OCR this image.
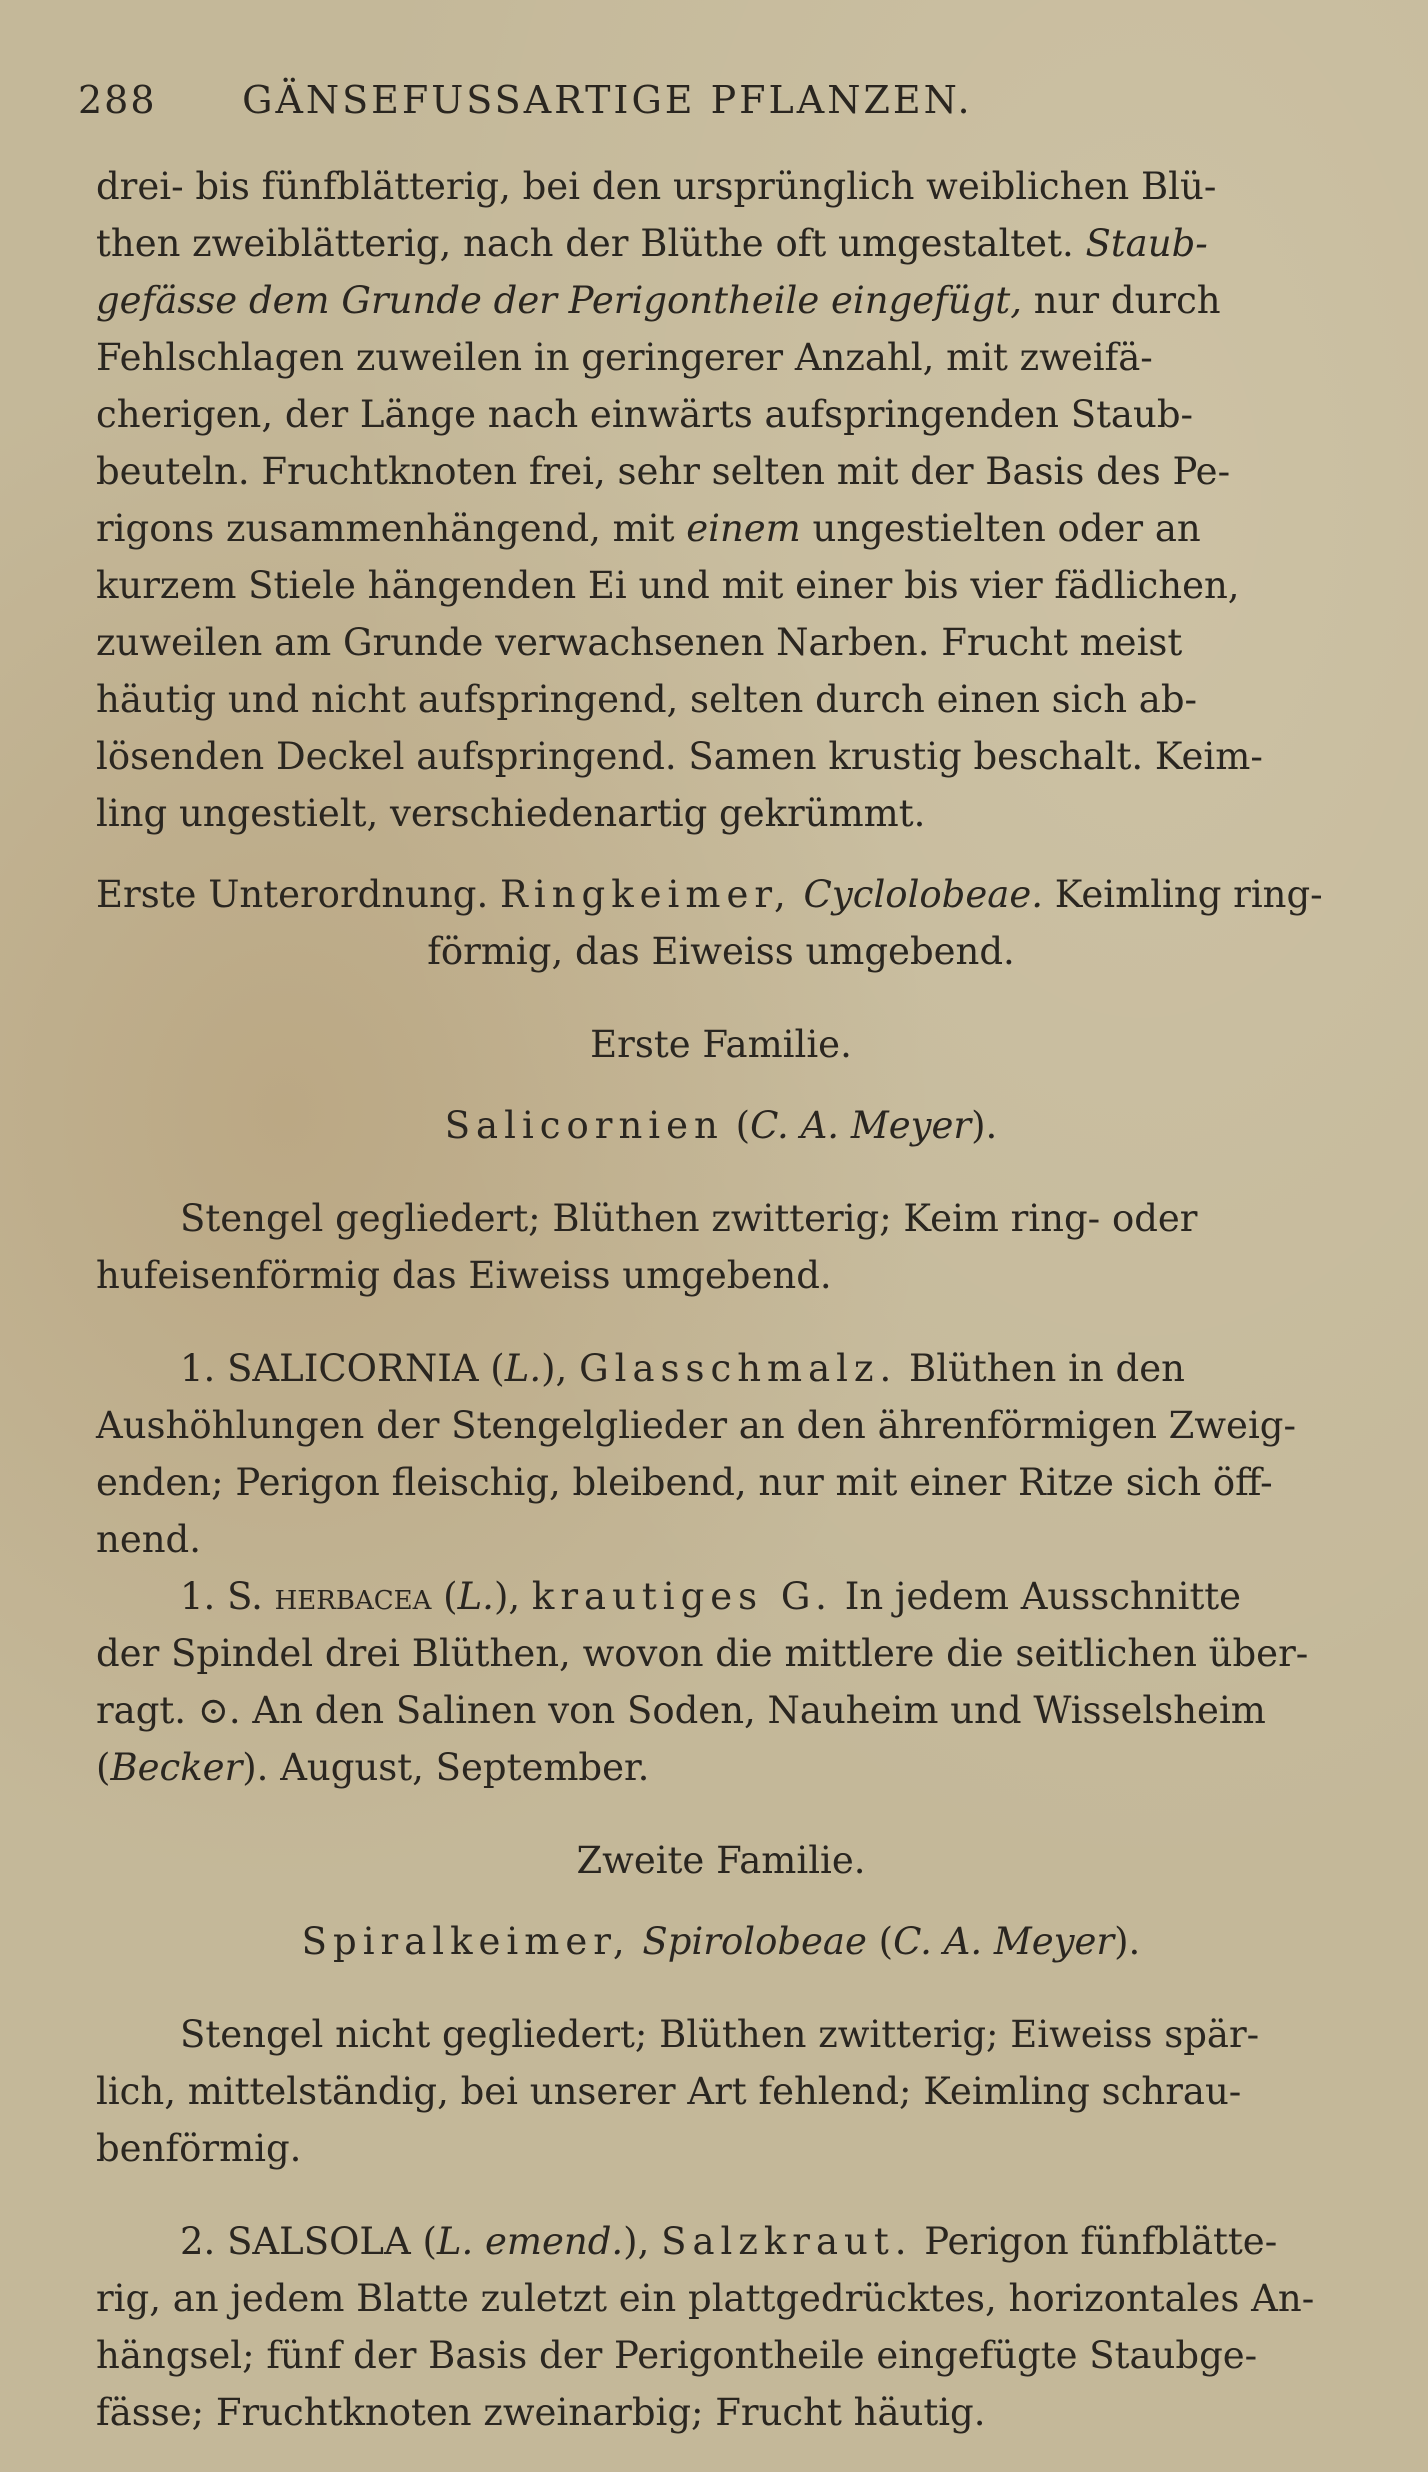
288 GÄNSEFUSSARTIGE PFLANZEN.

drei- bis fünfblätterig, bei den ursprünglich weiblichen Blü-
then zweiblätterig, nach der Blüthe oft umgestaltet. Staub-
gefässe dem Grunde der Perigontheile eingefügt, nur durch
Fehlschlagen zuweilen in geringerer Anzahl, mit zweifä-
cherigen, der Länge nach einwärts aufspringenden Staub-
beuteln. Fruchtknoten frei, sehr selten mit der Basis des Pe-
rigons zusammenhängend, mit einem ungestielten oder an
kurzem Stiele hängenden Ei und mit einer bis vier fädlichen,
zuweilen am Grunde verwachsenen Narben. Frucht meist
häutig und nicht aufspringend, selten durch einen sich ab-
lösenden Deckel aufspringend. Samen krustig beschalt. Keim-
ling ungestielt, verschiedenartig gekrümmt.

Erste Unterordnung. Ringkeimer, Cyclolobeae. Keimling ring-

förmig, das Eiweiss umgebend.

Erste Familie.

Salicornien (C. A. Meyer).

Stengel gegliedert; Blüthen zwitterig; Keim ring- oder
hufeisenförmig das Eiweiss umgebend.

1. SALICORNIA (L.), Glasschmalz. Blüthen in den
Aushöhlungen der Stengelglieder an den ährenförmigen Zweig-
enden; Perigon fleischig, bleibend, nur mit einer Ritze sich öff-
nend.

1. S. herbacea (L.), krautiges G. In jedem Ausschnitte
der Spindel drei Blüthen, wovon die mittlere die seitlichen über-
ragt. ⊙. An den Salinen von Soden, Nauheim und Wisselsheim
(Becker). August, September.

Zweite Familie.

Spiralkeimer, Spirolobeae (C. A. Meyer).

Stengel nicht gegliedert; Blüthen zwitterig; Eiweiss spär-
lich, mittelständig, bei unserer Art fehlend; Keimling schrau-
benförmig.

2. SALSOLA (L. emend.), Salzkraut. Perigon fünfblätte-
rig, an jedem Blatte zuletzt ein plattgedrücktes, horizontales An-
hängsel; fünf der Basis der Perigontheile eingefügte Staubge-
fässe; Fruchtknoten zweinarbig; Frucht häutig.
